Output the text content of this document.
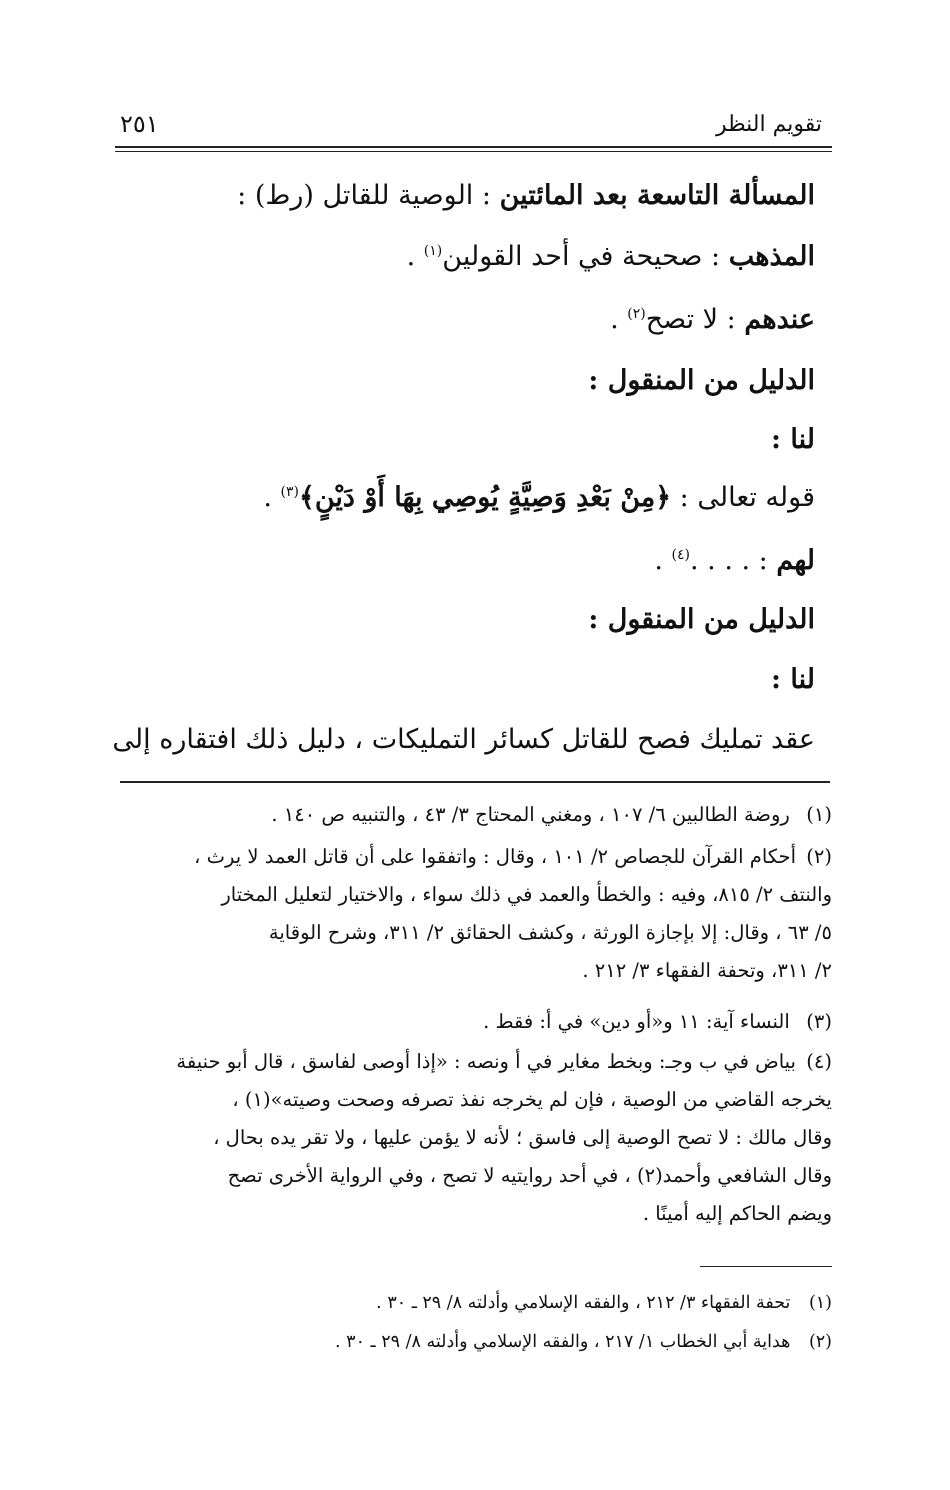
تقويم النظر
٢٥١
المسألة التاسعة بعد المائتين : الوصية للقاتل (رط) :
المذهب : صحيحة في أحد القولين$^{(١)}$ .
عندهم : لا تصح$^{(٢)}$ .
الدليل من المنقول :
لنا :
قوله تعالى : ﴿مِنْ بَعْدِ وَصِيَّةٍ يُوصِي بِهَا أَوْ دَيْنٍ﴾$^{(٣)}$ .
لهم : . . . .$^{(٤)}$ .
الدليل من المنقول :
لنا :
عقد تمليك فصح للقاتل كسائر التمليكات ، دليل ذلك افتقاره إلى
(١) روضة الطالبين ٦/ ١٠٧ ، ومغني المحتاج ٣/ ٤٣ ، والتنبيه ص ١٤٠ .
(٢)أحكام القرآن للجصاص ٢/ ١٠١ ، وقال : واتفقوا على أن قاتل العمد لا يرث ،
والنتف ٢/ ٨١٥، وفيه : والخطأ والعمد في ذلك سواء ، والاختيار لتعليل المختار
٥/ ٦٣ ، وقال: إلا بإجازة الورثة ، وكشف الحقائق ٢/ ٣١١، وشرح الوقاية
٢/ ٣١١، وتحفة الفقهاء ٣/ ٢١٢ .
(٣) النساء آية: ١١ و«أو دين» في أ: فقط .
(٤)بياض في ب وجـ: وبخط مغاير في أ ونصه : «إذا أوصى لفاسق ، قال أبو حنيفة
يخرجه القاضي من الوصية ، فإن لم يخرجه نفذ تصرفه وصحت وصيته»(١) ،
وقال مالك : لا تصح الوصية إلى فاسق ؛ لأنه لا يؤمن عليها ، ولا تقر يده بحال ،
وقال الشافعي وأحمد(٢) ، في أحد روايتيه لا تصح ، وفي الرواية الأخرى تصح
ويضم الحاكم إليه أمينًا .
(١) تحفة الفقهاء ٣/ ٢١٢ ، والفقه الإسلامي وأدلته ٨/ ٢٩ ـ ٣٠ .
(٢) هداية أبي الخطاب ١/ ٢١٧ ، والفقه الإسلامي وأدلته ٨/ ٢٩ ـ ٣٠ .
